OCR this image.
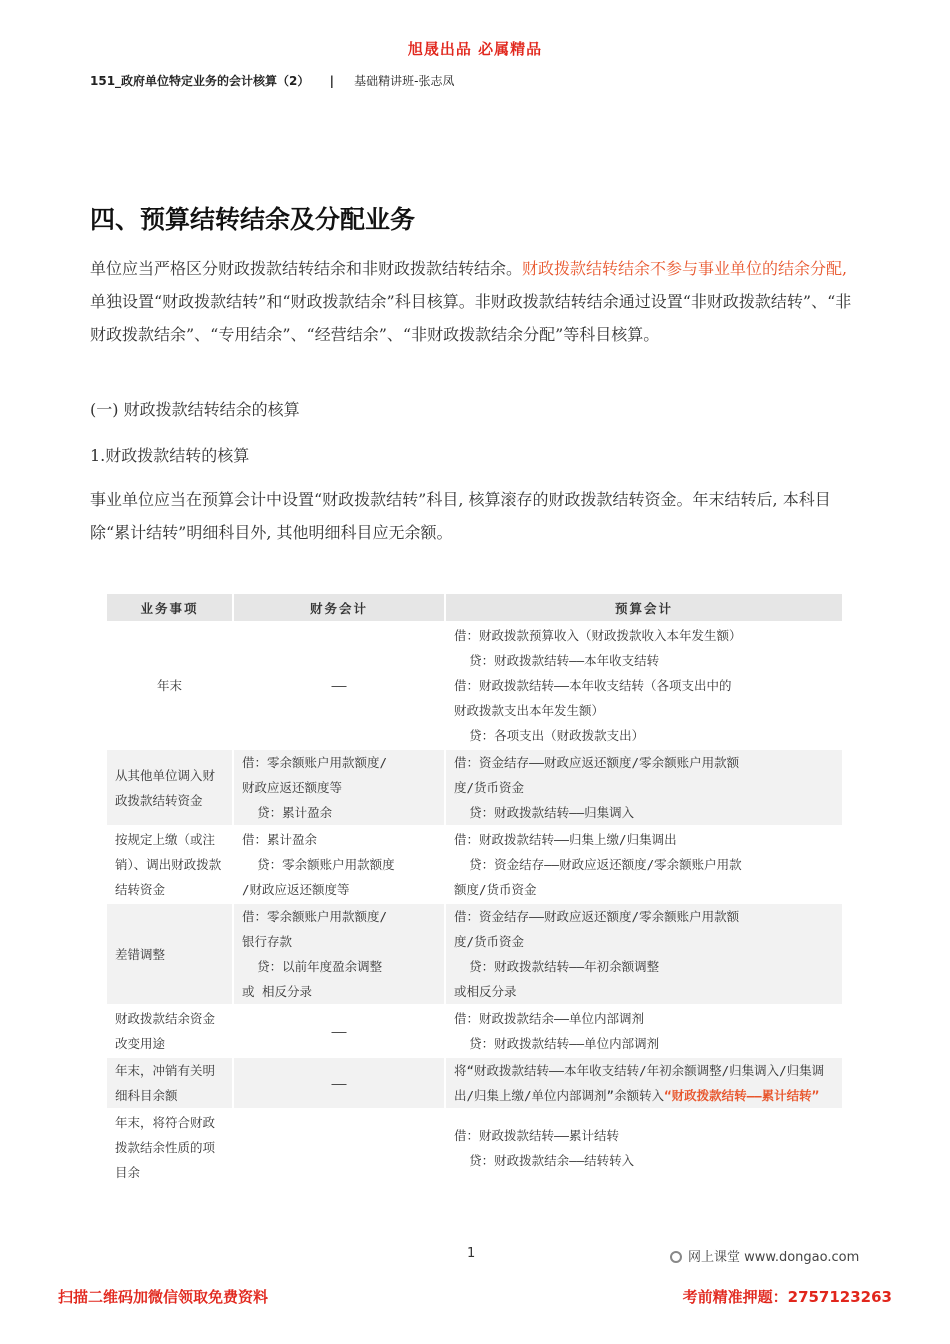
旭晟出品 必属精品
151_政府单位特定业务的会计核算（2） | 基础精讲班-张志凤
四、预算结转结余及分配业务

单位应当严格区分财政拨款结转结余和非财政拨款结转结余。财政拨款结转结余不参与事业单位的结余分配, 单独设置“财政拨款结转”和“财政拨款结余”科目核算。非财政拨款结转结余通过设置“非财政拨款结转”、“非财政拨款结余”、“专用结余”、“经营结余”、“非财政拨款结余分配”等科目核算。

(一) 财政拨款结转结余的核算

1.财政拨款结转的核算

事业单位应当在预算会计中设置“财政拨款结转”科目, 核算滚存的财政拨款结转资金。年末结转后, 本科目除“累计结转”明细科目外, 其他明细科目应无余额。

业务事项	财务会计	预算会计
年末	——	借：财政拨款预算收入（财政拨款收入本年发生额）
贷：财政拨款结转——本年收支结转
借：财政拨款结转——本年收支结转（各项支出中的
财政拨款支出本年发生额）
贷：各项支出（财政拨款支出）

从其他单位调入财政拨款结转资金	借：零余额账户用款额度/
财政应返还额度等
贷：累计盈余	借：资金结存——财政应返还额度/零余额账户用款额
度/货币资金
贷：财政拨款结转——归集调入

按规定上缴（或注销）、调出财政拨款结转资金	借：累计盈余
贷：零余额账户用款额度
/财政应返还额度等	借：财政拨款结转——归集上缴/归集调出
贷：资金结存——财政应返还额度/零余额账户用款
额度/货币资金

差错调整	借：零余额账户用款额度/
银行存款
贷：以前年度盈余调整
或 相反分录	借：资金结存——财政应返还额度/零余额账户用款额
度/货币资金
贷：财政拨款结转——年初余额调整
或相反分录

财政拨款结余资金改变用途	——	借：财政拨款结余——单位内部调剂
贷：财政拨款结转——单位内部调剂

年末，冲销有关明细科目余额	——	将“财政拨款结转——本年收支结转/年初余额调整/归集调入/归集调出/归集上缴/单位内部调剂”余额转入“财政拨款结转——累计结转”
年末，将符合财政拨款结余性质的项目余		借：财政拨款结转——累计结转
贷：财政拨款结余——结转转入
1	网上课堂 www.dongao.com
扫描二维码加微信领取免费资料	考前精准押题：2757123263
